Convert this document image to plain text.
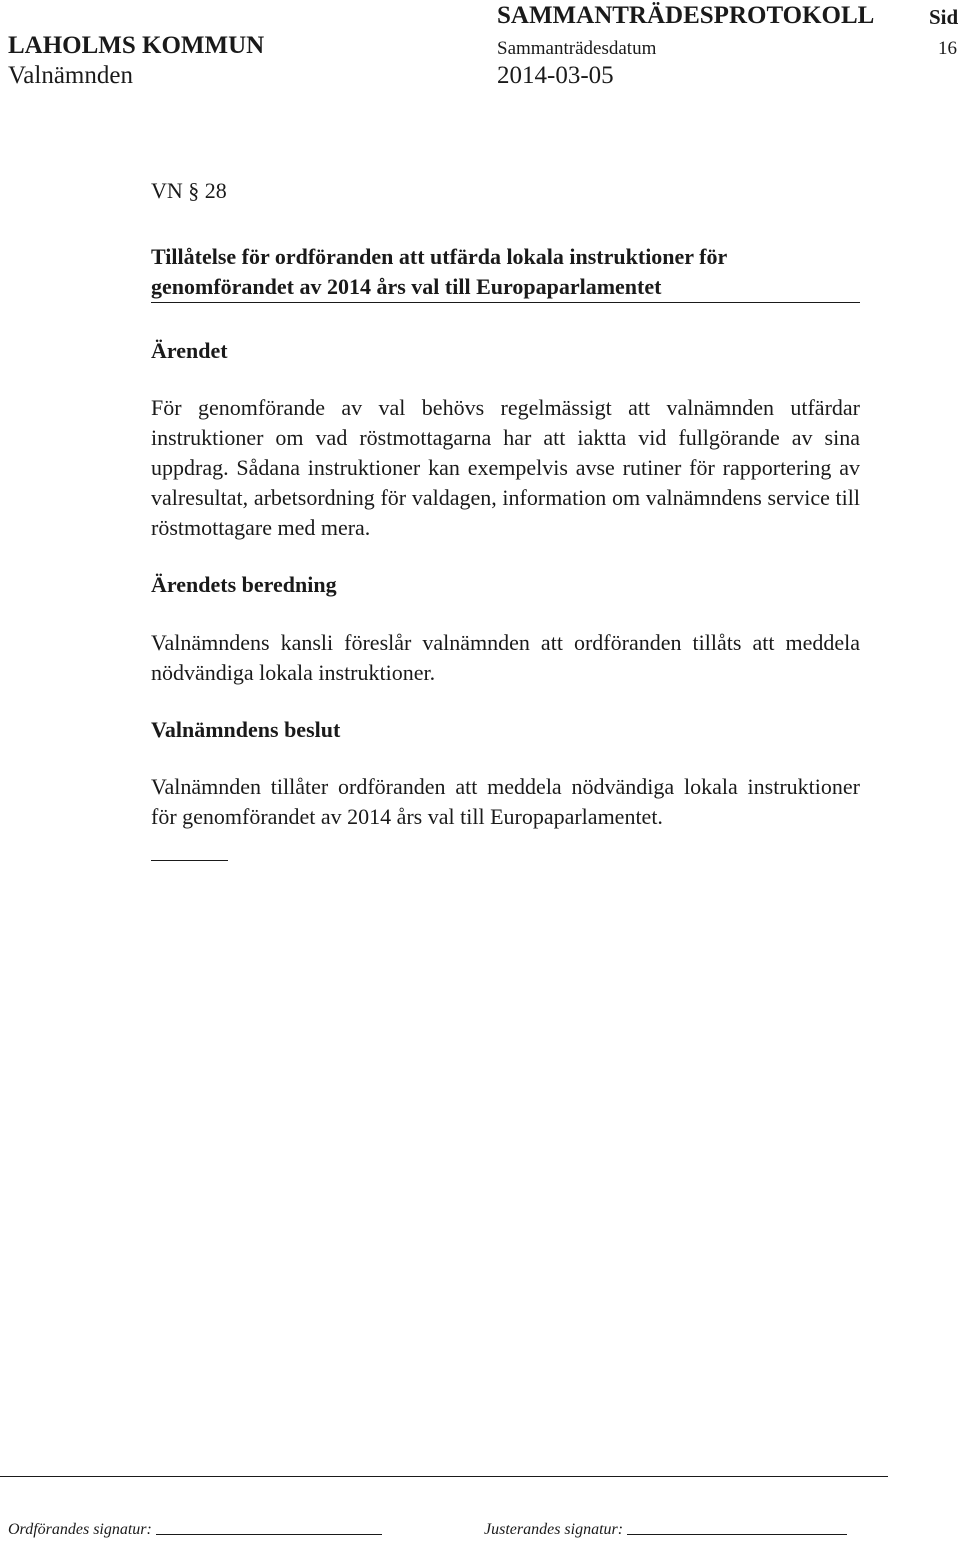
SAMMANTRÄDESPROTOKOLL	Sid
LAHOLMS KOMMUN	Sammanträdesdatum	16
Valnämnden	2014-03-05

VN § 28

Tillåtelse för ordföranden att utfärda lokala instruktioner för genomförandet av 2014 års val till Europaparlamentet

Ärendet

För genomförande av val behövs regelmässigt att valnämnden utfärdar instruktioner om vad röstmottagarna har att iaktta vid fullgörande av sina uppdrag. Sådana instruktioner kan exempelvis avse rutiner för rapportering av valresultat, arbetsordning för valdagen, information om valnämndens service till röstmottagare med mera.

Ärendets beredning

Valnämndens kansli föreslår valnämnden att ordföranden tillåts att meddela nödvändiga lokala instruktioner.

Valnämndens beslut

Valnämnden tillåter ordföranden att meddela nödvändiga lokala instruktioner för genomförandet av 2014 års val till Europaparlamentet.

Ordförandes signatur:	Justerandes signatur:
